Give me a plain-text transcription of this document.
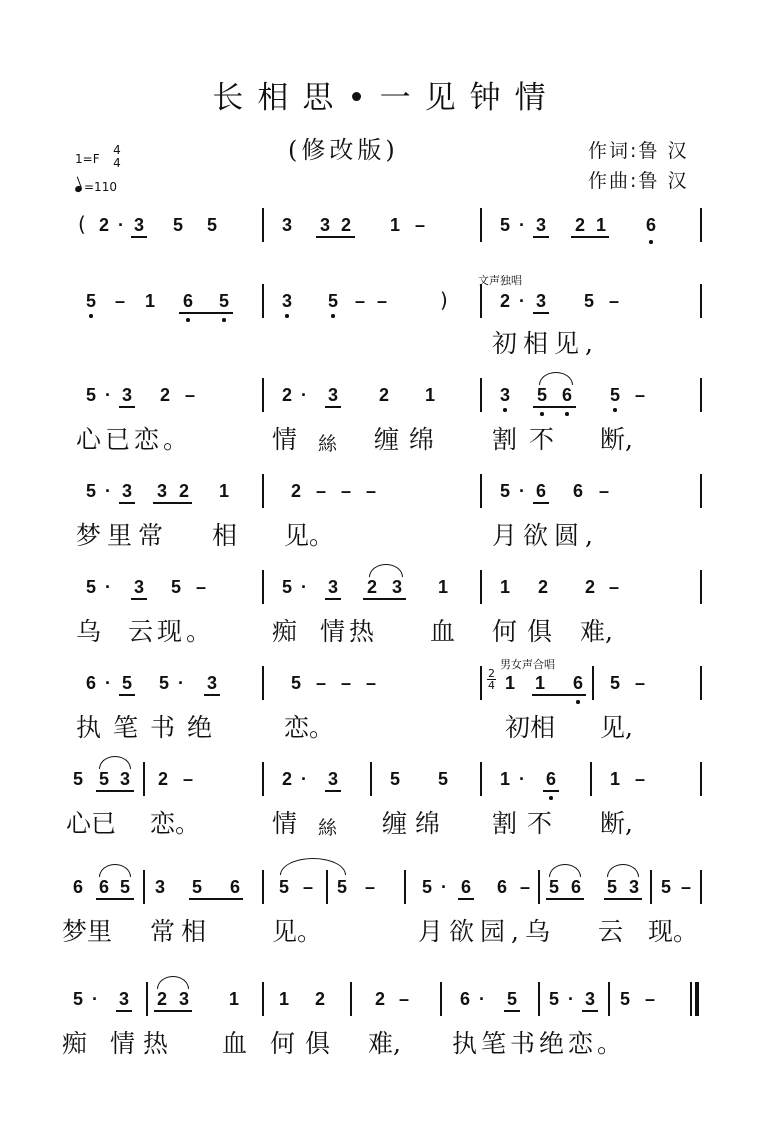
长相思•一见钟情
(修改版)	作词:鲁 汉
作曲:鲁 汉
1=F
4
4
=110
( 2 · 3 5 5	3 3 2 1 –	5 · 3 2 1 6
5 – 1 6 5	3 5 – –	)
文声独唱
2 · 3 5 –
初相见,
5 · 3 2 –	2 · 3 2 1	3 5 6 5 –
心已恋。	情 絲 缠绵 割不 断,
5 · 3 3 2 1	2 – – –	5 · 6 6 –
梦里常 相 见。	月欲圆,
5 · 3 5 –	5 · 3 2 3 1	1 2 2 –
乌 云现。 痴 情热 血 何俱 难,
6 · 5 5 · 3	5 – – –	2
4
男女声合唱
1 1 6 5 –
执笔书绝 恋。	初相 见,
5 5 3 2 –	2 · 3	5 5	1 · 6	1 –
心已 恋。	情 絲 缠绵 割不 断,
6 6 5 3 5 6 5 – 5 –	5 · 6 6 – 5 6 5 3 5 –
梦里 常相 见。	月欲园,乌 云 现。
5 · 3 2 3 1 1 2	2 –	6 · 5 5 · 3 5 –
痴 情热 血 何俱 难, 执笔书绝恋。
